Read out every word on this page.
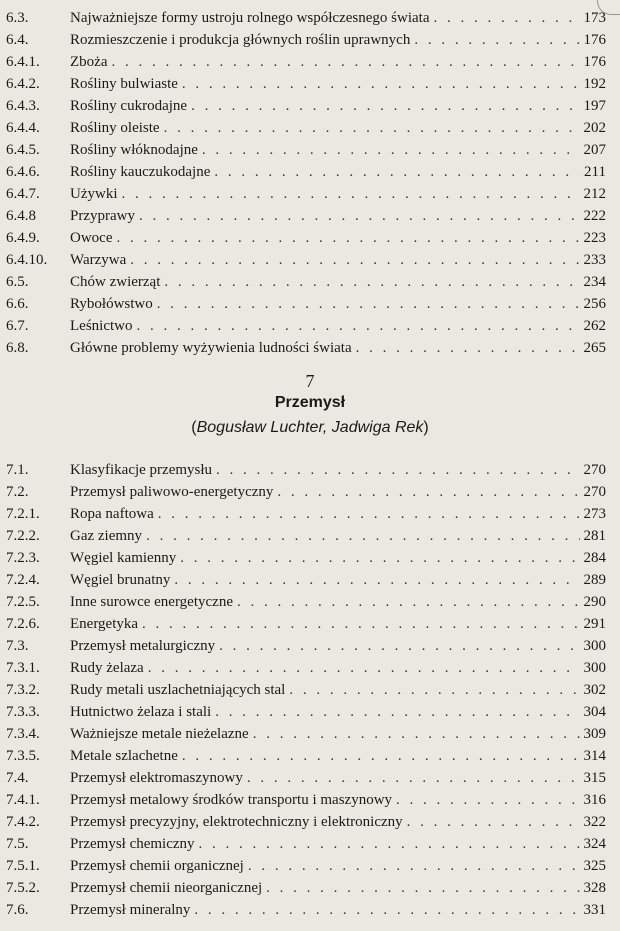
6.3.	Najważniejsze formy ustroju rolnego współczesnego świata . . .	173
6.4.	Rozmieszczenie i produkcja głównych roślin uprawnych . . .	176
6.4.1. Zboża . . .	176
6.4.2. Rośliny bulwiaste . . .	192
6.4.3. Rośliny cukrodajne . . .	197
6.4.4. Rośliny oleiste . . .	202
6.4.5. Rośliny włóknodajne . . .	207
6.4.6. Rośliny kauczukodajne . . .	211
6.4.7. Używki . . .	212
6.4.8 Przyprawy . . .	222
6.4.9. Owoce . . .	223
6.4.10. Warzywa . . .	233
6.5.	Chów zwierząt . . .	234
6.6.	Rybołówstwo . . .	256
6.7.	Leśnictwo . . .	262
6.8.	Główne problemy wyżywienia ludności świata . . .	265
7
Przemysł
(Bogusław Luchter, Jadwiga Rek)
7.1.	Klasyfikacje przemysłu . . .	270
7.2.	Przemysł paliwowo-energetyczny . . .	270
7.2.1. Ropa naftowa . . .	273
7.2.2. Gaz ziemny . . .	281
7.2.3. Węgiel kamienny . . .	284
7.2.4. Węgiel brunatny . . .	289
7.2.5. Inne surowce energetyczne . . .	290
7.2.6. Energetyka . . .	291
7.3.	Przemysł metalurgiczny . . .	300
7.3.1. Rudy żelaza . . .	300
7.3.2. Rudy metali uszlachetniających stal . . .	302
7.3.3. Hutnictwo żelaza i stali . . .	304
7.3.4. Ważniejsze metale nieżelazne . . .	309
7.3.5. Metale szlachetne . . .	314
7.4.	Przemysł elektromaszynowy . . .	315
7.4.1. Przemysł metalowy środków transportu i maszynowy . . .	316
7.4.2. Przemysł precyzyjny, elektrotechniczny i elektroniczny . . .	322
7.5.	Przemysł chemiczny . . .	324
7.5.1. Przemysł chemii organicznej . . .	325
7.5.2. Przemysł chemii nieorganicznej . . .	328
7.6.	Przemysł mineralny . . .	331
